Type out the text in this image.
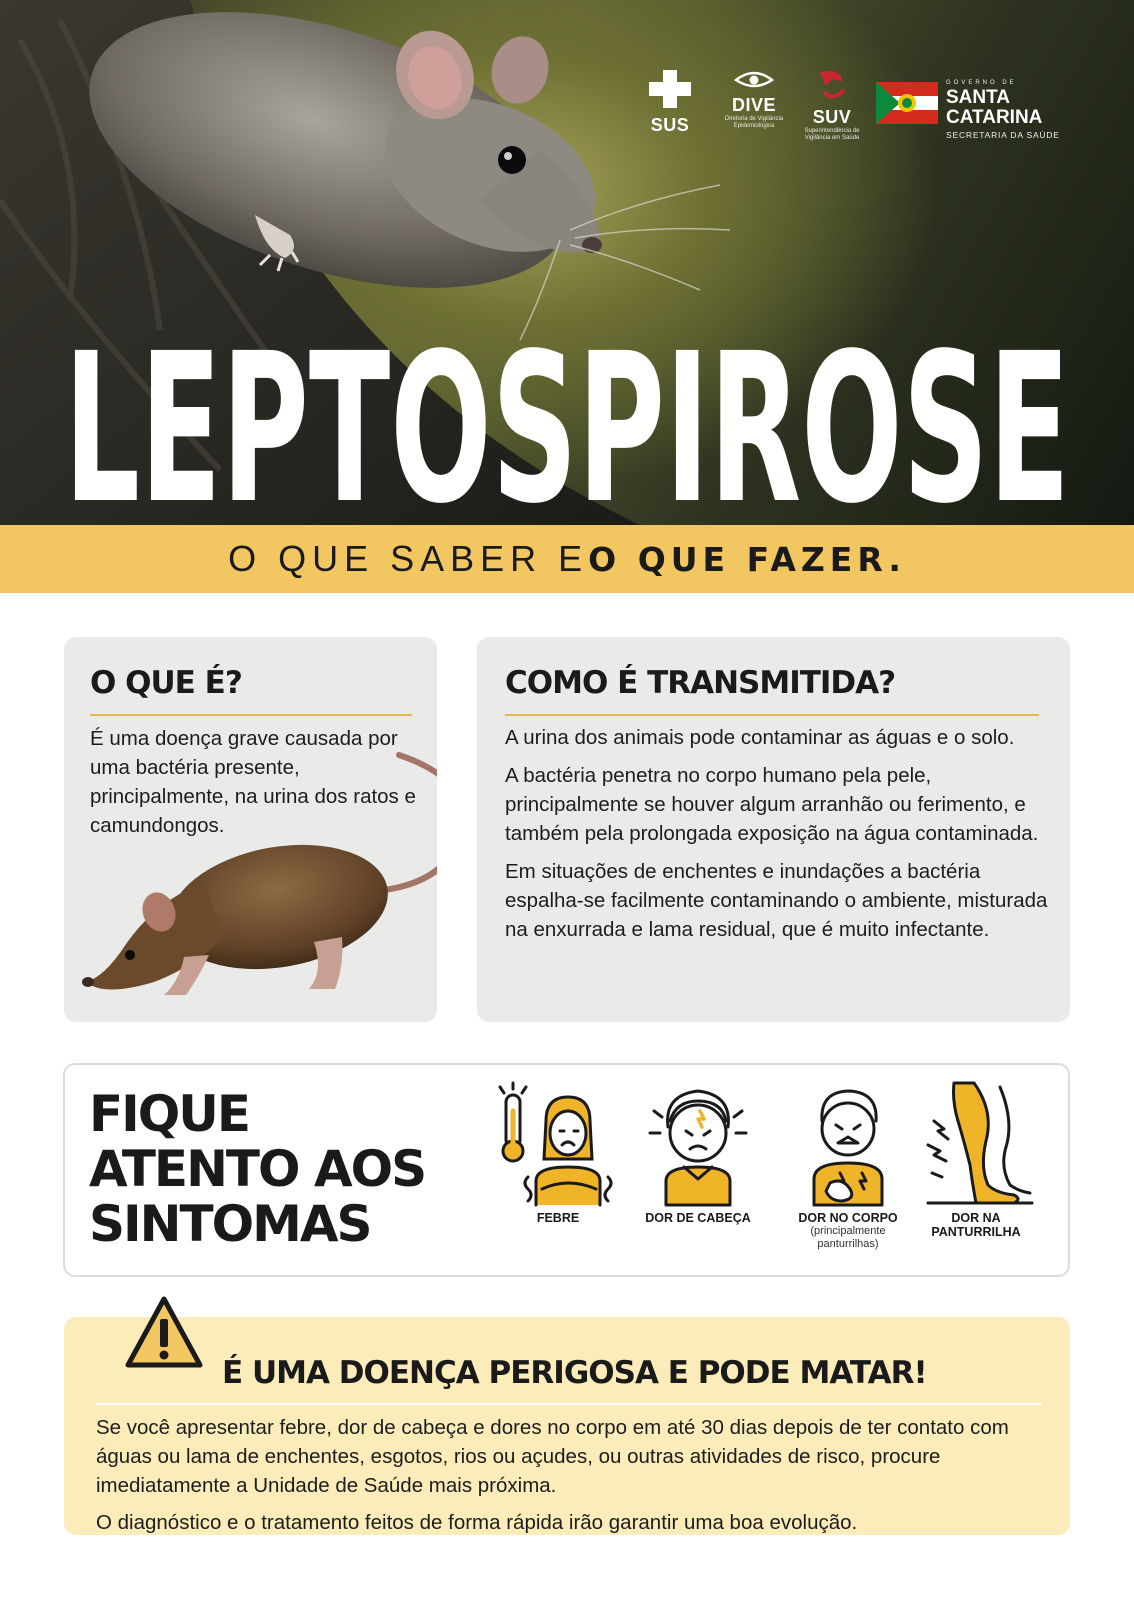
SUS
DIVE
Diretoria de Vigilância Epidemiológica	SUV
Superintendência de Vigilância em Saúde
GOVERNO DE
SANTA
CATARINA
SECRETARIA DA SAÚDE
LEPTOSPIROSE
O QUE SABER E O QUE FAZER.
O QUE É?

É uma doença grave causada por uma bactéria presente, principalmente, na urina dos ratos e camundongos.

COMO É TRANSMITIDA?

A urina dos animais pode contaminar as águas e o solo.

A bactéria penetra no corpo humano pela pele, principalmente se houver algum arranhão ou ferimento, e também pela prolongada exposição na água contaminada.

Em situações de enchentes e inundações a bactéria espalha-se facilmente contaminando o ambiente, misturada na enxurrada e lama residual, que é muito infectante.

FIQUE
ATENTO AOS
SINTOMAS	FEBRE	DOR DE CABEÇA	DOR NO CORPO
(principalmente panturrilhas)
DOR NA PANTURRILHA
É UMA DOENÇA PERIGOSA E PODE MATAR!

Se você apresentar febre, dor de cabeça e dores no corpo em até 30 dias depois de ter contato com águas ou lama de enchentes, esgotos, rios ou açudes, ou outras atividades de risco, procure imediatamente a Unidade de Saúde mais próxima.

O diagnóstico e o tratamento feitos de forma rápida irão garantir uma boa evolução.
